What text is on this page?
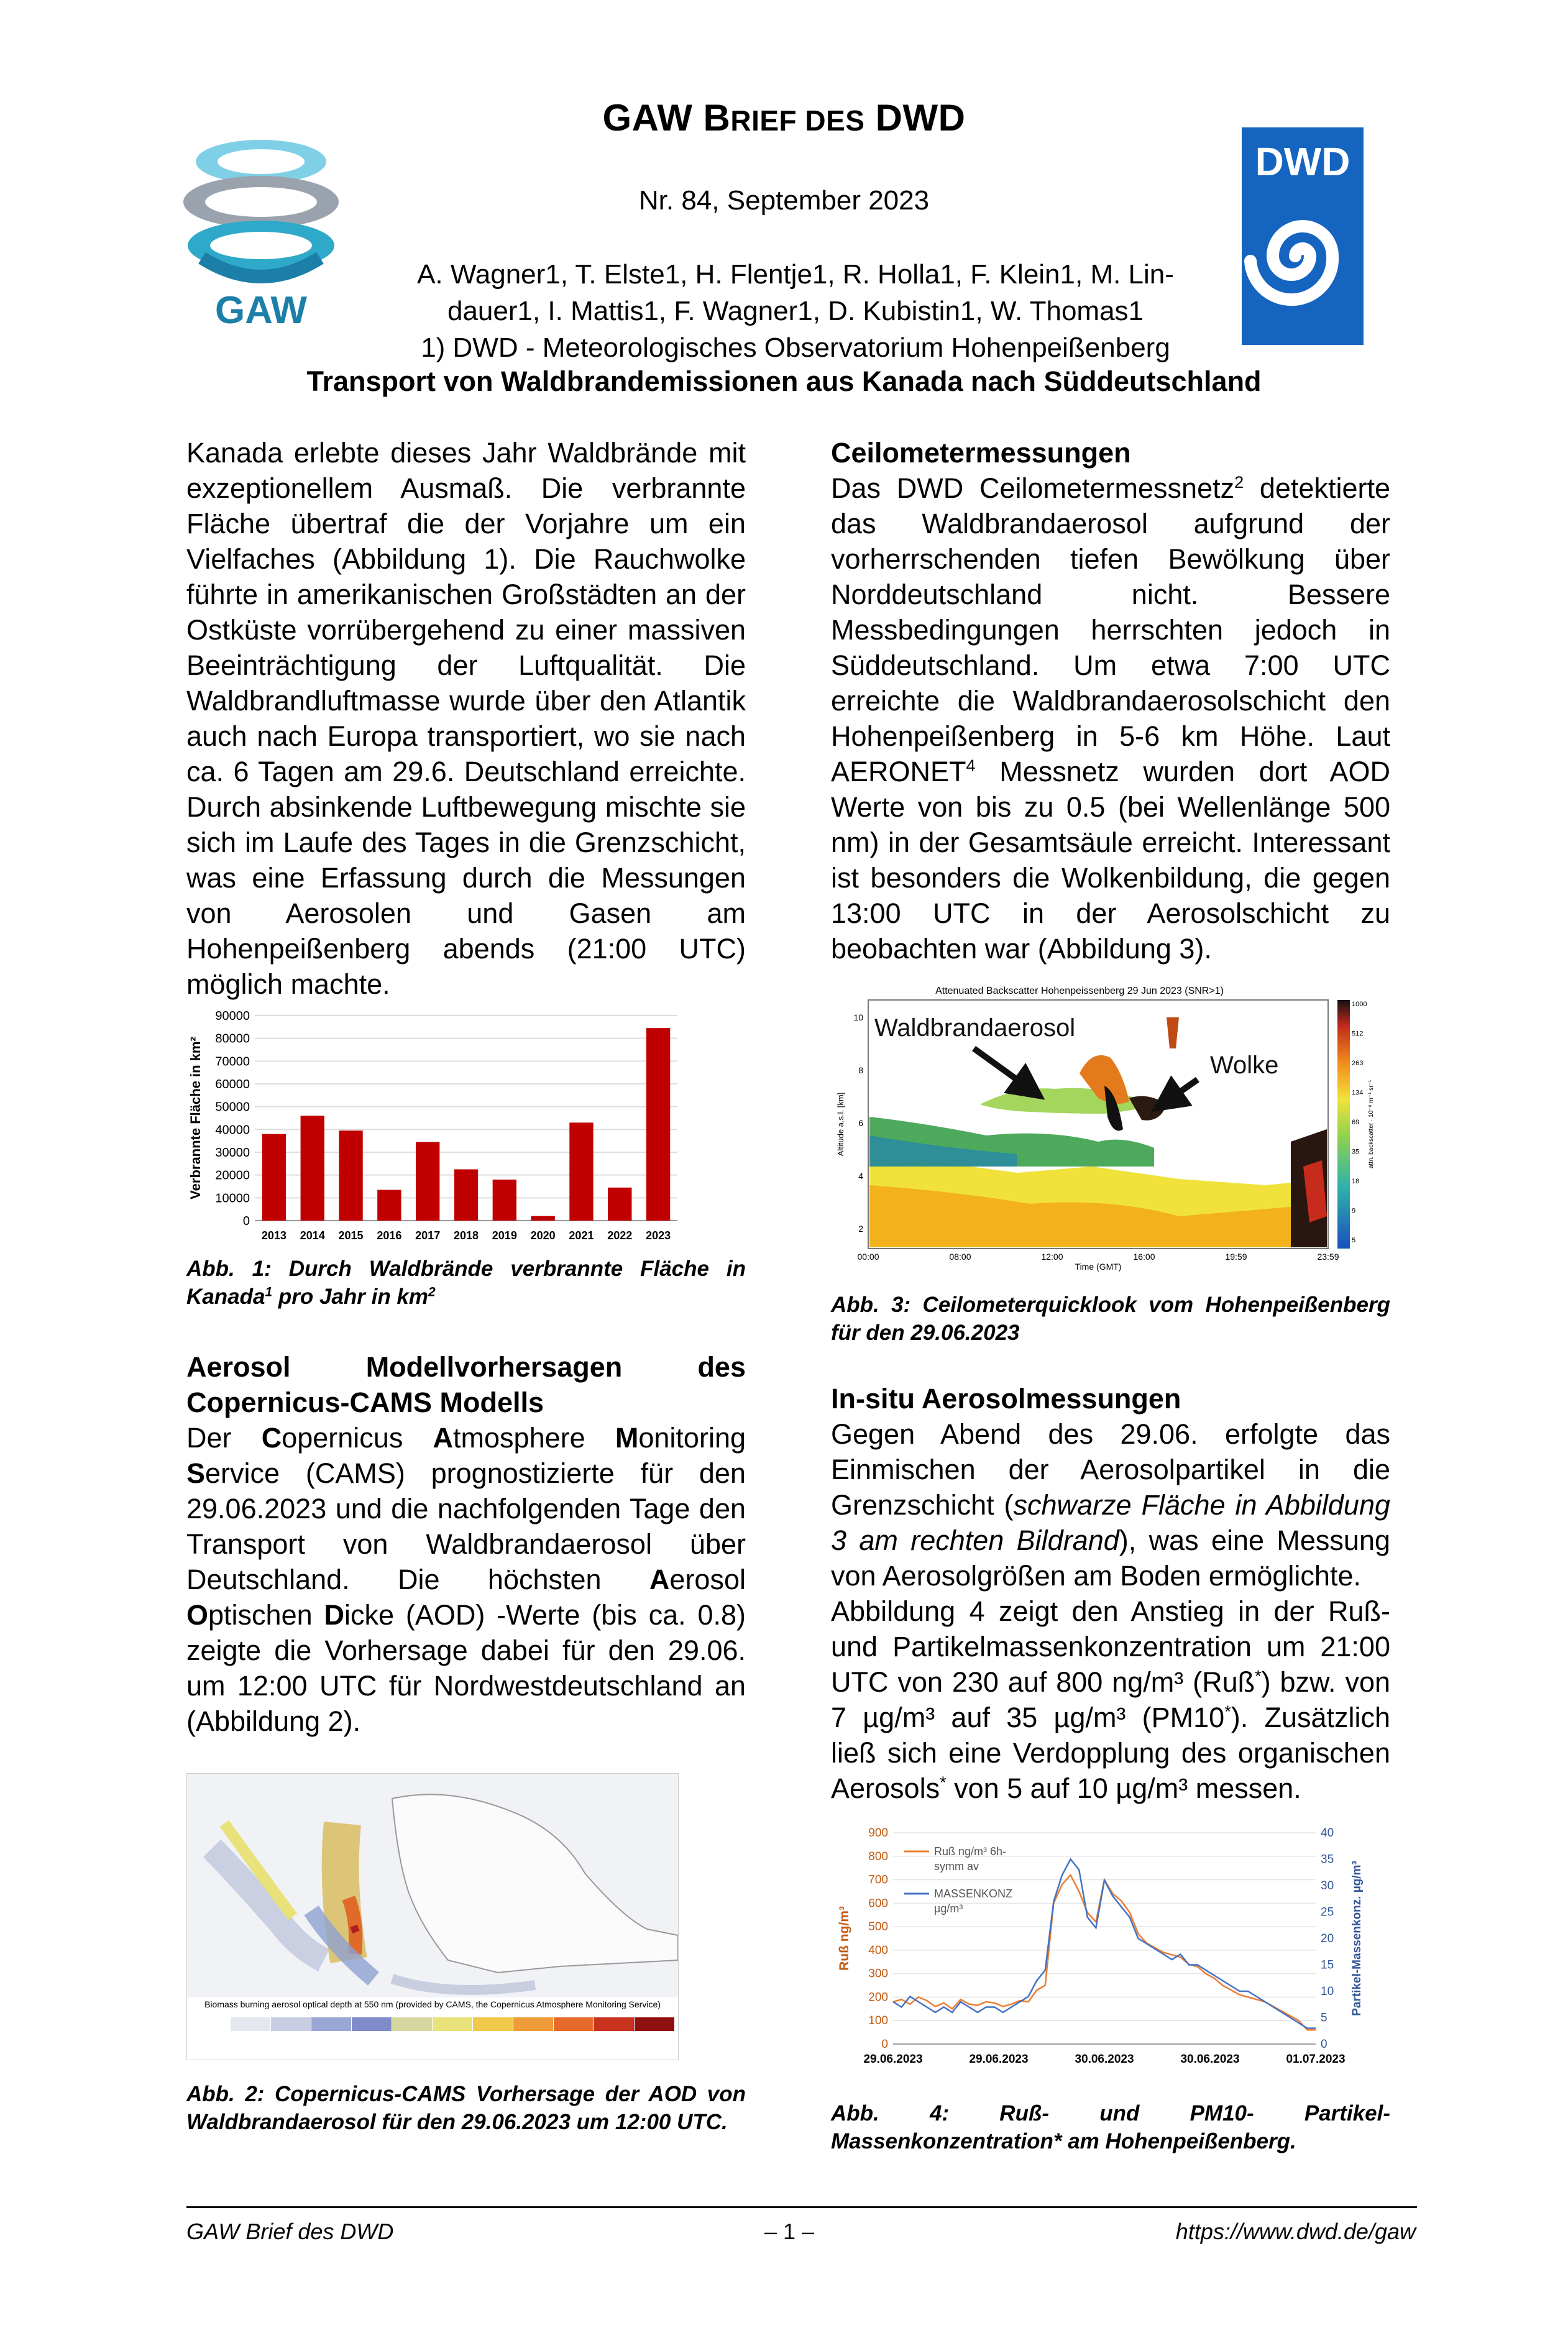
GAW BRIEF DES DWD
Nr. 84, September 2023
A. Wagner1, T. Elste1, H. Flentje1, R. Holla1, F. Klein1, M. Lin-
dauer1, I. Mattis1, F. Wagner1, D. Kubistin1, W. Thomas1
1) DWD - Meteorologisches Observatorium Hohenpeißenberg
Transport von Waldbrandemissionen aus Kanada nach Süddeutschland
GAW
DWD

Kanada erlebte dieses Jahr Waldbrände mit exzeptionellem Ausmaß. Die verbrannte Fläche übertraf die der Vorjahre um ein Vielfaches (Abbildung 1). Die Rauchwolke führte in amerikanischen Großstädten an der Ostküste vorrübergehend zu einer massiven Beeinträchtigung der Luftqualität. Die Waldbrandluftmasse wurde über den Atlantik auch nach Europa transportiert, wo sie nach ca. 6 Tagen am 29.6. Deutschland erreichte. Durch absinkende Luftbewegung mischte sie sich im Laufe des Tages in die Grenzschicht, was eine Erfassung durch die Messungen von Aerosolen und Gasen am Hohenpeißenberg abends (21:00 UTC) möglich machte.

0
10000
20000
30000
40000
50000
60000
70000
80000
90000
2013 2014 2015 2016 2017 2018 2019 2020 2021 2022 2023
Verbrannte Fläche in km²
Abb. 1: Durch Waldbrände verbrannte Fläche in Kanada$^1$ pro Jahr in $km^2$
Aerosol Modellvorhersagen des Copernicus-CAMS Modells

Der Copernicus Atmosphere Monitoring Service (CAMS) prognostizierte für den 29.06.2023 und die nachfolgenden Tage den Transport von Waldbrandaerosol über Deutschland. Die höchsten Aerosol Optischen Dicke (AOD) -Werte (bis ca. 0.8) zeigte die Vorhersage dabei für den 29.06. um 12:00 UTC für Nordwestdeutschland an (Abbildung 2).

Biomass burning aerosol optical depth at 550 nm (provided by CAMS, the Copernicus Atmosphere Monitoring Service)
Abb. 2: Copernicus-CAMS Vorhersage der AOD von Waldbrandaerosol für den 29.06.2023 um 12:00 UTC.
Ceilometermessungen

Das DWD Ceilometermessnetz$^2$ detektierte das Waldbrandaerosol aufgrund der vorherrschenden tiefen Bewölkung über Norddeutschland nicht. Bessere Messbedingungen herrschten jedoch in Süddeutschland. Um etwa 7:00 UTC erreichte die Waldbrandaerosolschicht den Hohenpeißenberg in 5-6 km Höhe. Laut AERONET$^4$ Messnetz wurden dort AOD Werte von bis zu 0.5 (bei Wellenlänge 500 nm) in der Gesamtsäule erreicht. Interessant ist besonders die Wolkenbildung, die gegen 13:00 UTC in der Aerosolschicht zu beobachten war (Abbildung 3).

Attenuated Backscatter Hohenpeissenberg 29 Jun 2023 (SNR>1)
Waldbrandaerosol
Wolke
Altitude a.s.l. [km]
Time (GMT)
00:00	08:00	12:00	16:00	19:59	23:59
2
4
6
8
10
1000
512
263
134
69
35
18
9
5
attn. backscatter · 10⁻⁸ m⁻¹ sr⁻¹
Abb. 3: Ceilometerquicklook vom Hohenpeißenberg für den 29.06.2023
In-situ Aerosolmessungen

Gegen Abend des 29.06. erfolgte das Einmischen der Aerosolpartikel in die Grenzschicht (schwarze Fläche in Abbildung 3 am rechten Bildrand), was eine Messung von Aerosolgrößen am Boden ermöglichte.

Abbildung 4 zeigt den Anstieg in der Ruß- und Partikelmassenkonzentration um 21:00 UTC von 230 auf 800 ng/m³ (Ruß*) bzw. von 7 µg/m³ auf 35 µg/m³ (PM10*). Zusätzlich ließ sich eine Verdopplung des organischen Aerosols* von 5 auf 10 µg/m³ messen.

0
100
200
300
400
500
600
700
800
900
0
5
10
15
20
25
30
35
40
29.06.2023	29.06.2023	30.06.2023	30.06.2023	01.07.2023
Ruß ng/m³	Partikel-Massenkonz. µg/m³
Ruß ng/m³ 6h-
symm av
MASSENKONZ
µg/m³
Abb. 4: Ruß- und PM10- Partikel-Massenkonzentration* am Hohenpeißenberg.
GAW Brief des DWD	– 1 –	https://www.dwd.de/gaw
